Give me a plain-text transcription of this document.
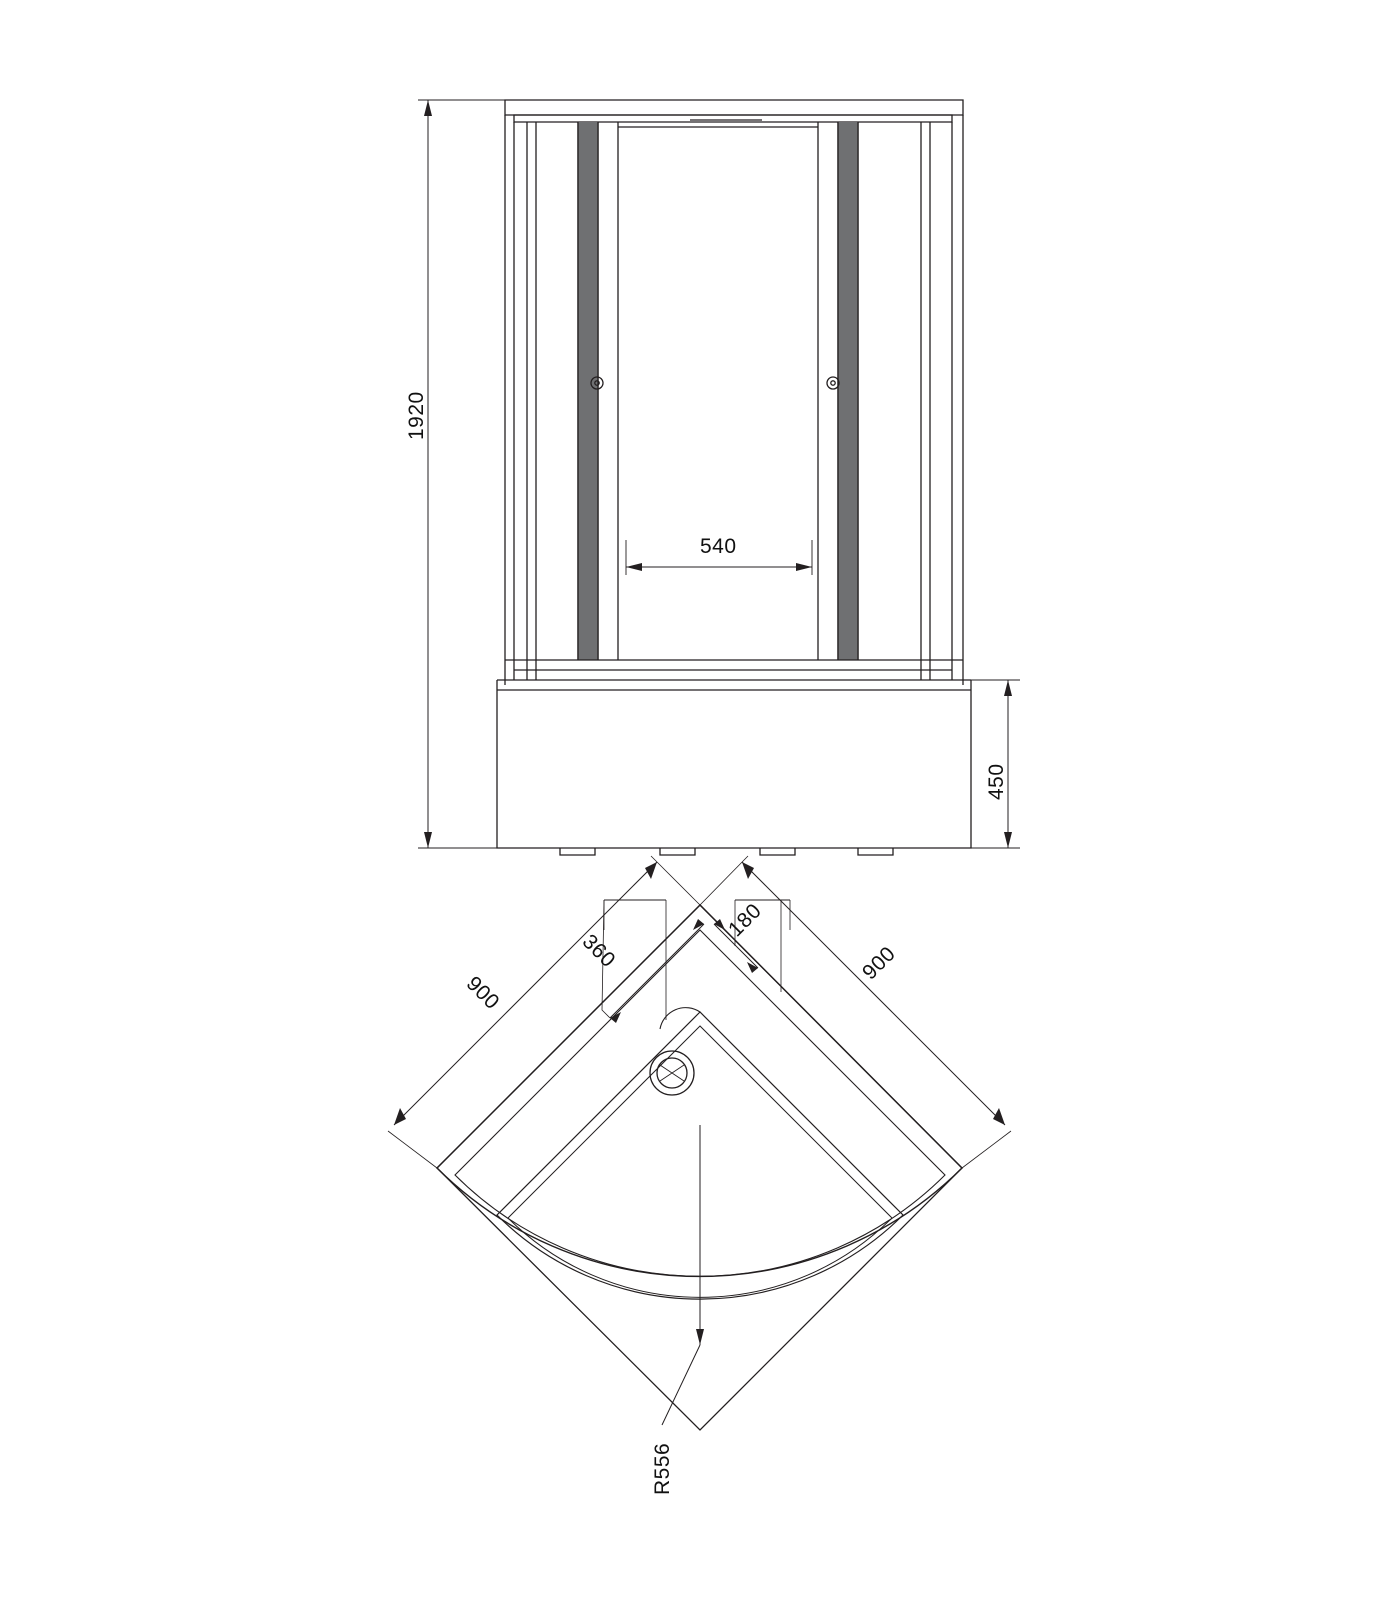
1920
540
450
900
900
360
180
R556
